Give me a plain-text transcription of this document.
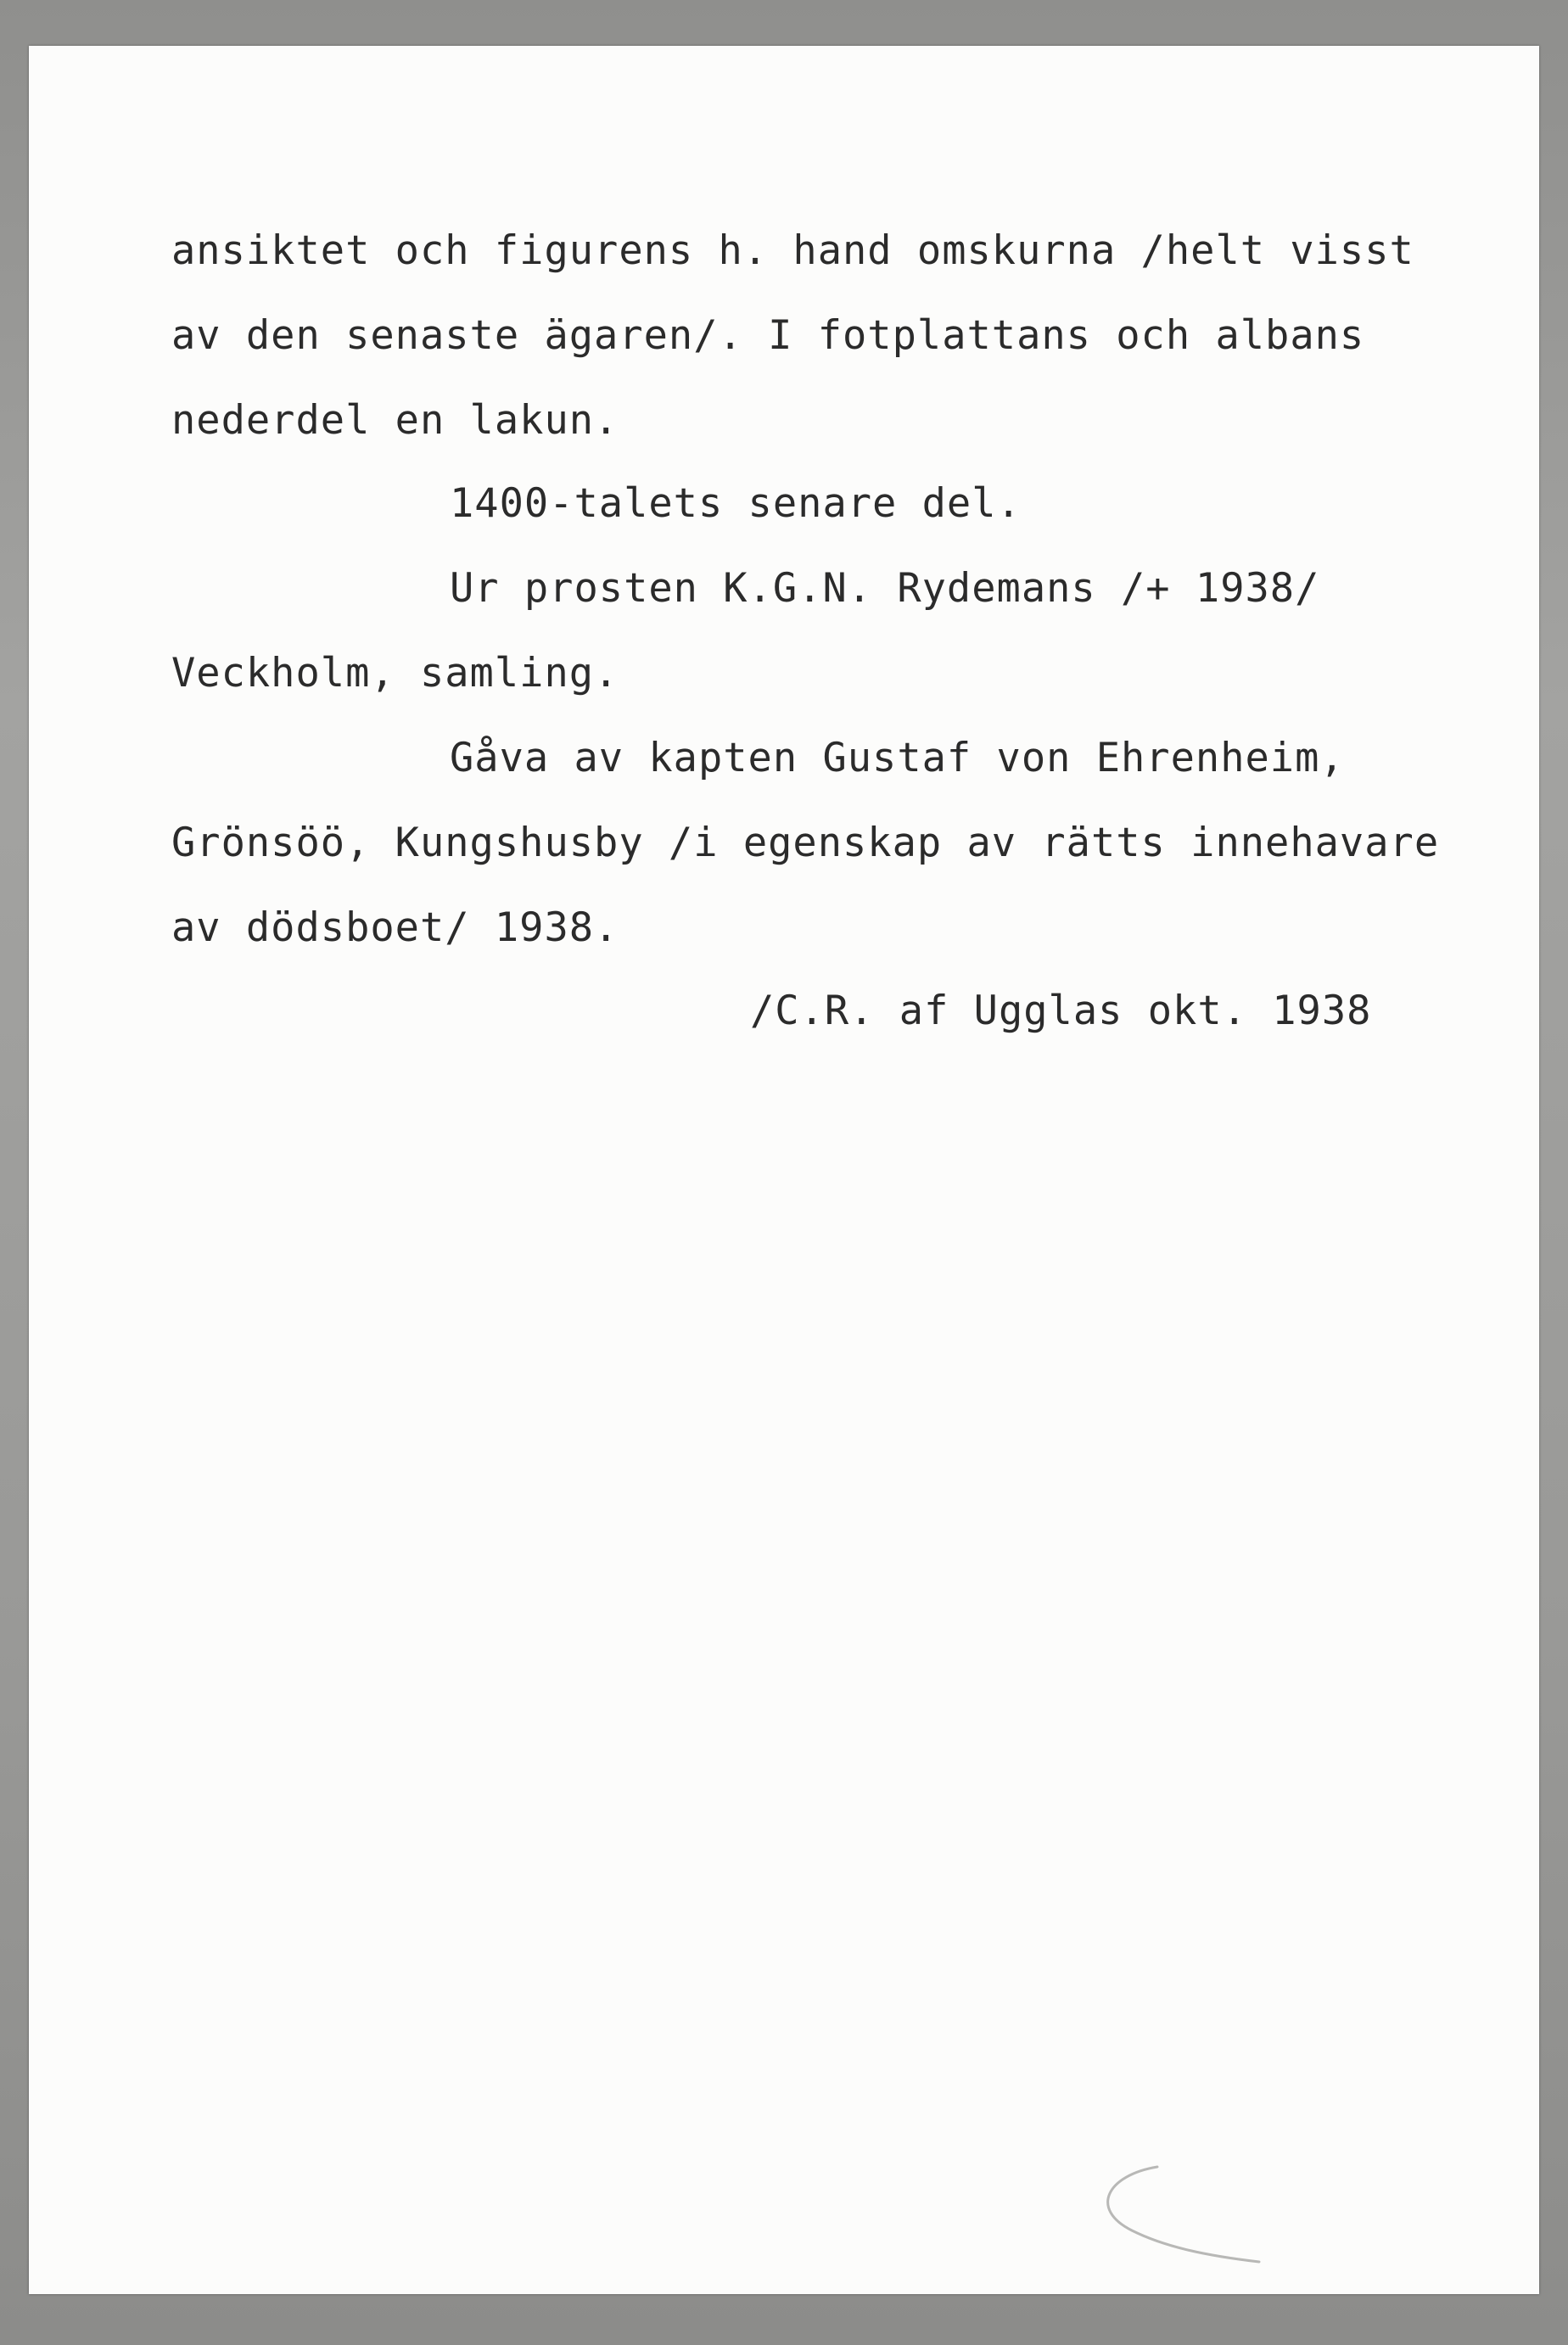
ansiktet och figurens h. hand omskurna /helt visst
av den senaste ägaren/. I fotplattans och albans
nederdel en lakun.
1400-talets senare del.
Ur prosten K.G.N. Rydemans /+ 1938/
Veckholm, samling.
Gåva av kapten Gustaf von Ehrenheim,
Grönsöö, Kungshusby /i egenskap av rätts innehavare
av dödsboet/ 1938.
/C.R. af Ugglas okt. 1938
